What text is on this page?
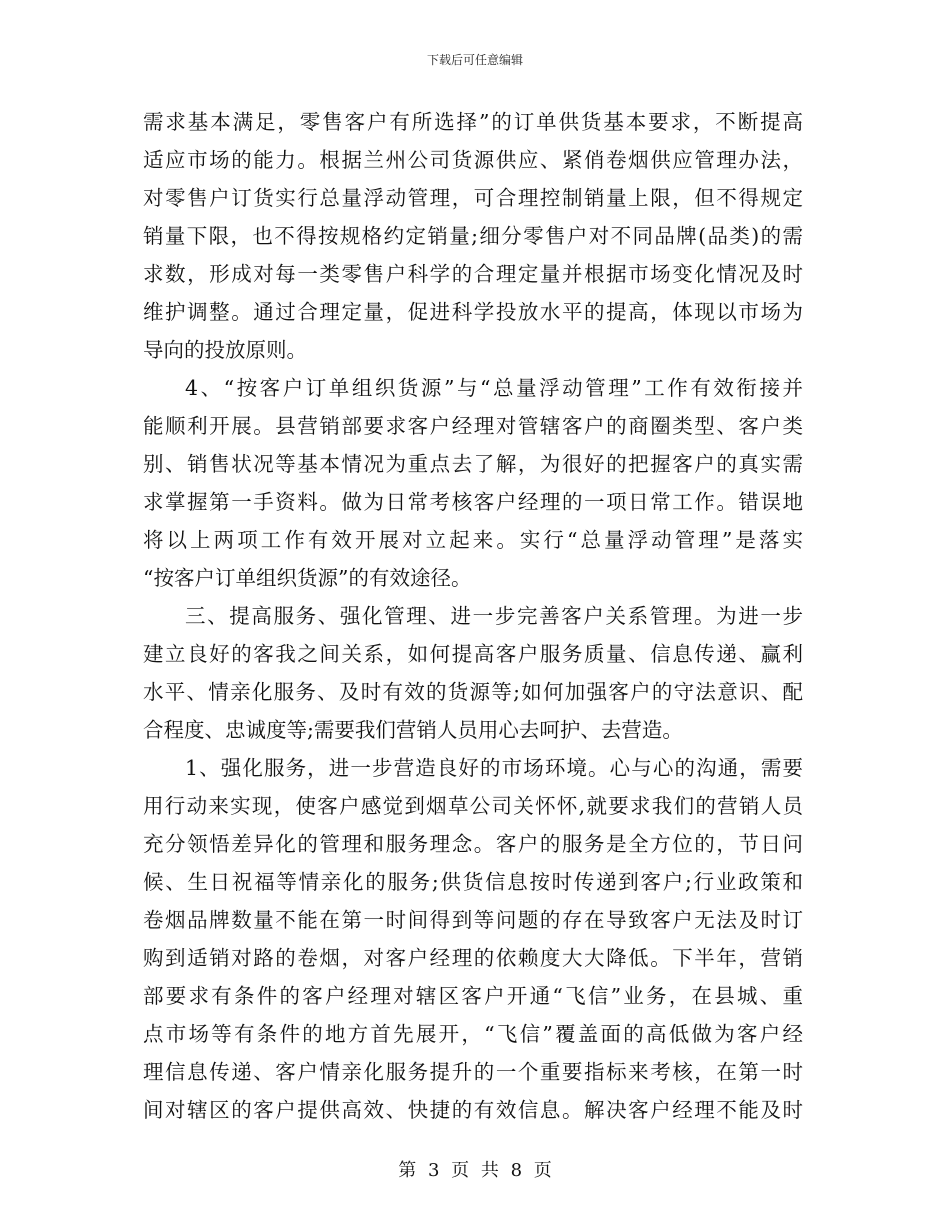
下载后可任意编辑
需求基本满足，零售客户有所选择”的订单供货基本要求，不断提高
适应市场的能力。根据兰州公司货源供应、紧俏卷烟供应管理办法，
对零售户订货实行总量浮动管理，可合理控制销量上限，但不得规定
销量下限，也不得按规格约定销量;细分零售户对不同品牌(品类)的需
求数，形成对每一类零售户科学的合理定量并根据市场变化情况及时
维护调整。通过合理定量，促进科学投放水平的提高，体现以市场为
导向的投放原则。
4、“按客户订单组织货源”与“总量浮动管理”工作有效衔接并
能顺利开展。县营销部要求客户经理对管辖客户的商圈类型、客户类
别、销售状况等基本情况为重点去了解，为很好的把握客户的真实需
求掌握第一手资料。做为日常考核客户经理的一项日常工作。错误地
将以上两项工作有效开展对立起来。实行“总量浮动管理”是落实
“按客户订单组织货源”的有效途径。
三、提高服务、强化管理、进一步完善客户关系管理。为进一步
建立良好的客我之间关系，如何提高客户服务质量、信息传递、赢利
水平、情亲化服务、及时有效的货源等;如何加强客户的守法意识、配
合程度、忠诚度等;需要我们营销人员用心去呵护、去营造。
1、强化服务，进一步营造良好的市场环境。心与心的沟通，需要
用行动来实现，使客户感觉到烟草公司关怀怀,就要求我们的营销人员
充分领悟差异化的管理和服务理念。客户的服务是全方位的，节日问
候、生日祝福等情亲化的服务;供货信息按时传递到客户;行业政策和
卷烟品牌数量不能在第一时间得到等问题的存在导致客户无法及时订
购到适销对路的卷烟，对客户经理的依赖度大大降低。下半年，营销
部要求有条件的客户经理对辖区客户开通“飞信”业务，在县城、重
点市场等有条件的地方首先展开，“飞信”覆盖面的高低做为客户经
理信息传递、客户情亲化服务提升的一个重要指标来考核，在第一时
间对辖区的客户提供高效、快捷的有效信息。解决客户经理不能及时
第 3 页 共 8 页
